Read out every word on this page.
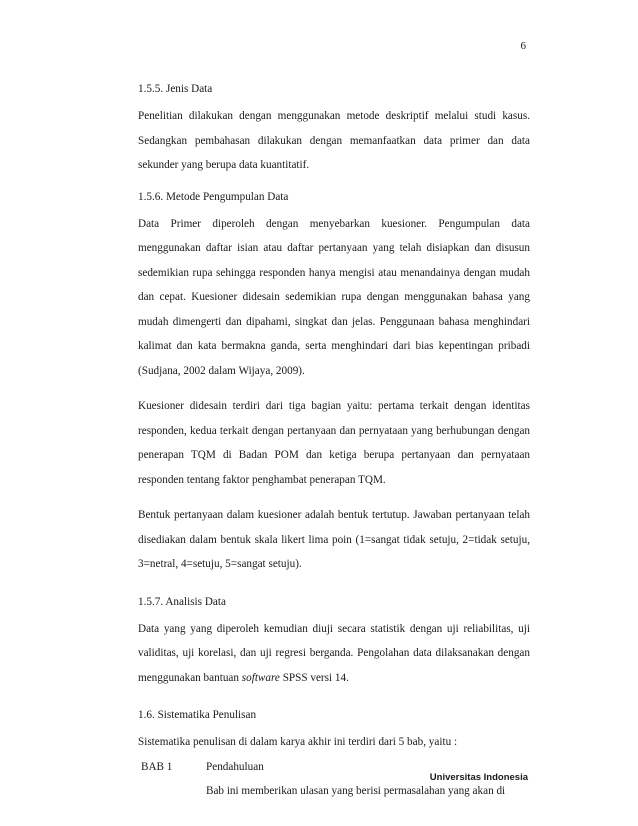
6

1.5.5. Jenis Data

Penelitian dilakukan dengan menggunakan metode deskriptif melalui studi kasus. Sedangkan pembahasan dilakukan dengan memanfaatkan data primer dan data sekunder yang berupa data kuantitatif.

1.5.6. Metode Pengumpulan Data

Data Primer diperoleh dengan menyebarkan kuesioner. Pengumpulan data menggunakan daftar isian atau daftar pertanyaan yang telah disiapkan dan disusun sedemikian rupa sehingga responden hanya mengisi atau menandainya dengan mudah dan cepat. Kuesioner didesain sedemikian rupa dengan menggunakan bahasa yang mudah dimengerti dan dipahami, singkat dan jelas. Penggunaan bahasa menghindari kalimat dan kata bermakna ganda, serta menghindari dari bias kepentingan pribadi (Sudjana, 2002 dalam Wijaya, 2009).

Kuesioner didesain terdiri dari tiga bagian yaitu: pertama terkait dengan identitas responden, kedua terkait dengan pertanyaan dan pernyataan yang berhubungan dengan penerapan TQM di Badan POM dan ketiga berupa pertanyaan dan pernyataan responden tentang faktor penghambat penerapan TQM.

Bentuk pertanyaan dalam kuesioner adalah bentuk tertutup. Jawaban pertanyaan telah disediakan dalam bentuk skala likert lima poin (1=sangat tidak setuju, 2=tidak setuju, 3=netral, 4=setuju, 5=sangat setuju).

1.5.7. Analisis Data

Data yang yang diperoleh kemudian diuji secara statistik dengan uji reliabilitas, uji validitas, uji korelasi, dan uji regresi berganda. Pengolahan data dilaksanakan dengan menggunakan bantuan software SPSS versi 14.

1.6. Sistematika Penulisan

Sistematika penulisan di dalam karya akhir ini terdiri dari 5 bab, yaitu :

BAB 1	Pendahuluan
Bab ini memberikan ulasan yang berisi permasalahan yang akan di
Universitas Indonesia
